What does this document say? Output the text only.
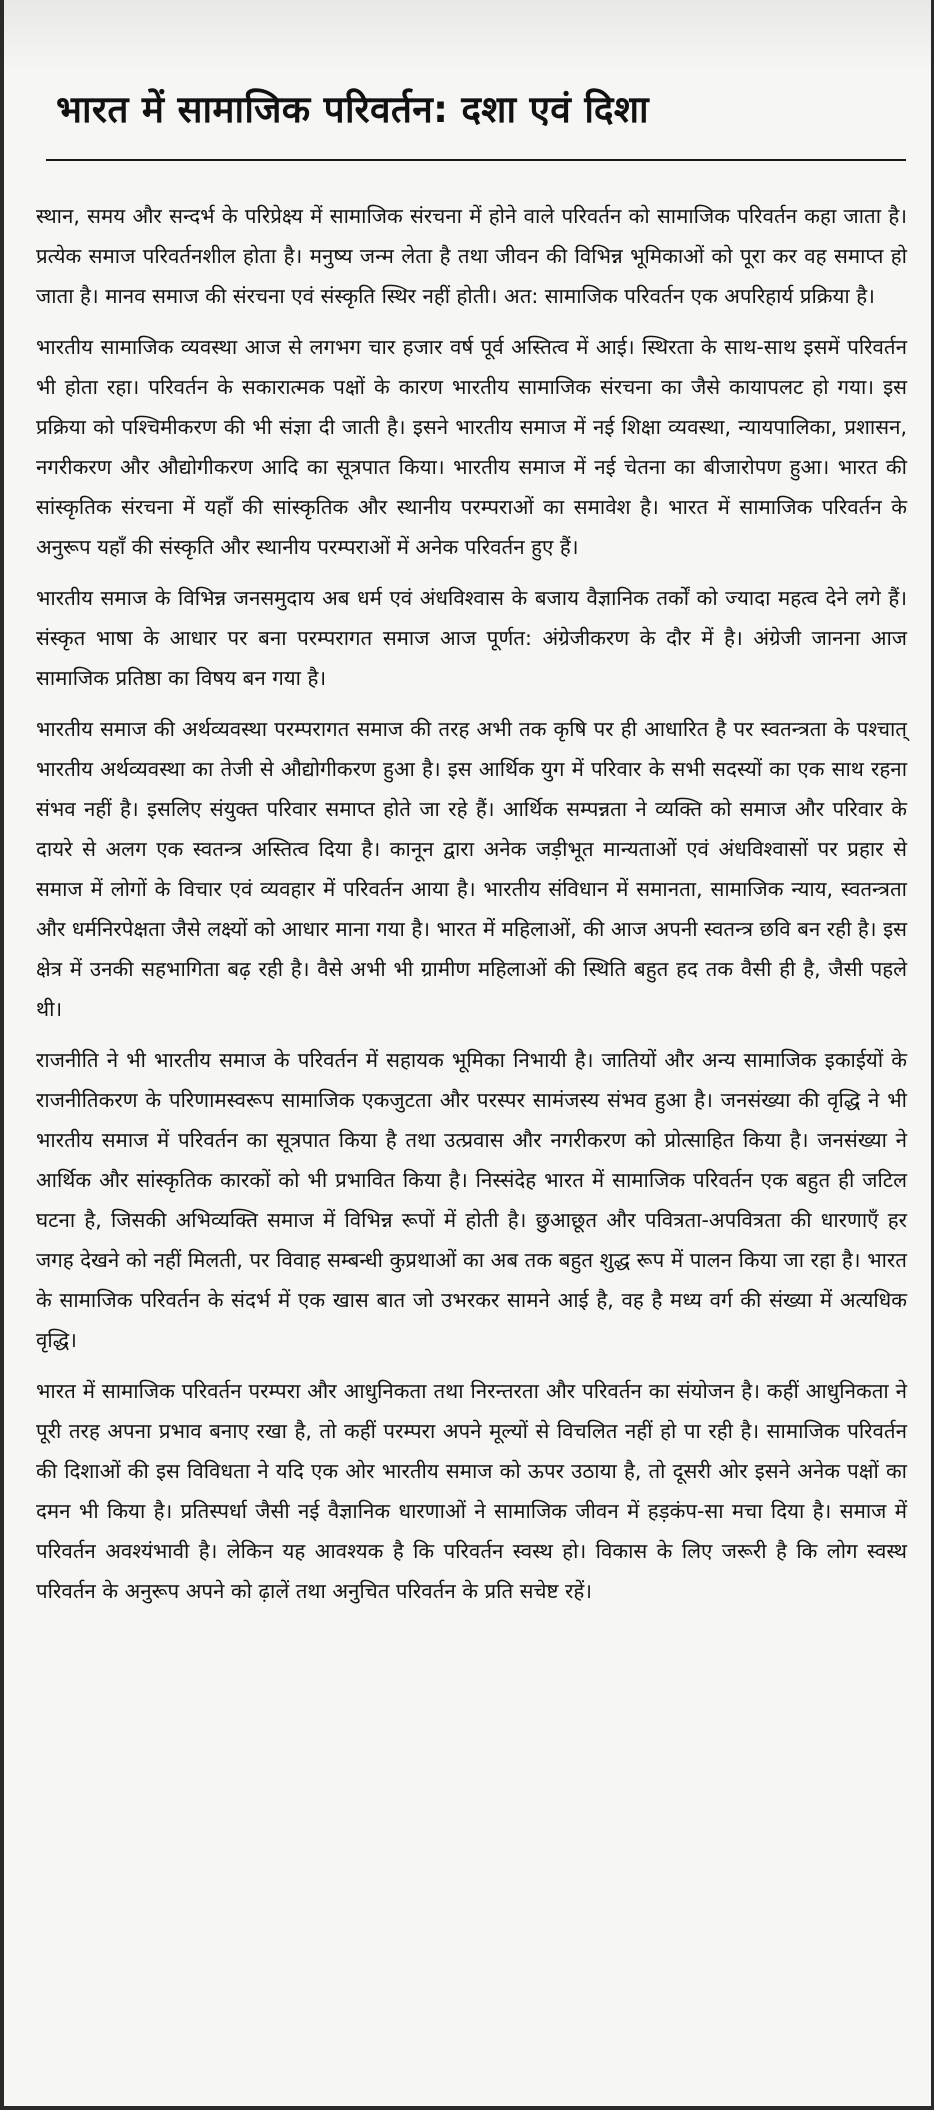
भारत में सामाजिक परिवर्तन: दशा एवं दिशा

स्थान, समय और सन्दर्भ के परिप्रेक्ष्य में सामाजिक संरचना में होने वाले परिवर्तन को सामाजिक परिवर्तन कहा जाता है। प्रत्येक समाज परिवर्तनशील होता है। मनुष्य जन्म लेता है तथा जीवन की विभिन्न भूमिकाओं को पूरा कर वह समाप्त हो जाता है। मानव समाज की संरचना एवं संस्कृति स्थिर नहीं होती। अत: सामाजिक परिवर्तन एक अपरिहार्य प्रक्रिया है।

भारतीय सामाजिक व्यवस्था आज से लगभग चार हजार वर्ष पूर्व अस्तित्व में आई। स्थिरता के साथ-साथ इसमें परिवर्तन भी होता रहा। परिवर्तन के सकारात्मक पक्षों के कारण भारतीय सामाजिक संरचना का जैसे कायापलट हो गया। इस प्रक्रिया को पश्चिमीकरण की भी संज्ञा दी जाती है। इसने भारतीय समाज में नई शिक्षा व्यवस्था, न्यायपालिका, प्रशासन, नगरीकरण और औद्योगीकरण आदि का सूत्रपात किया। भारतीय समाज में नई चेतना का बीजारोपण हुआ। भारत की सांस्कृतिक संरचना में यहाँ की सांस्कृतिक और स्थानीय परम्पराओं का समावेश है। भारत में सामाजिक परिवर्तन के अनुरूप यहाँ की संस्कृति और स्थानीय परम्पराओं में अनेक परिवर्तन हुए हैं।

भारतीय समाज के विभिन्न जनसमुदाय अब धर्म एवं अंधविश्वास के बजाय वैज्ञानिक तर्कों को ज्यादा महत्व देने लगे हैं। संस्कृत भाषा के आधार पर बना परम्परागत समाज आज पूर्णत: अंग्रेजीकरण के दौर में है। अंग्रेजी जानना आज सामाजिक प्रतिष्ठा का विषय बन गया है।

भारतीय समाज की अर्थव्यवस्था परम्परागत समाज की तरह अभी तक कृषि पर ही आधारित है पर स्वतन्त्रता के पश्चात् भारतीय अर्थव्यवस्था का तेजी से औद्योगीकरण हुआ है। इस आर्थिक युग में परिवार के सभी सदस्यों का एक साथ रहना संभव नहीं है। इसलिए संयुक्त परिवार समाप्त होते जा रहे हैं। आर्थिक सम्पन्नता ने व्यक्ति को समाज और परिवार के दायरे से अलग एक स्वतन्त्र अस्तित्व दिया है। कानून द्वारा अनेक जड़ीभूत मान्यताओं एवं अंधविश्वासों पर प्रहार से समाज में लोगों के विचार एवं व्यवहार में परिवर्तन आया है। भारतीय संविधान में समानता, सामाजिक न्याय, स्वतन्त्रता और धर्मनिरपेक्षता जैसे लक्ष्यों को आधार माना गया है। भारत में महिलाओं, की आज अपनी स्वतन्त्र छवि बन रही है। इस क्षेत्र में उनकी सहभागिता बढ़ रही है। वैसे अभी भी ग्रामीण महिलाओं की स्थिति बहुत हद तक वैसी ही है, जैसी पहले थी।

राजनीति ने भी भारतीय समाज के परिवर्तन में सहायक भूमिका निभायी है। जातियों और अन्य सामाजिक इकाईयों के राजनीतिकरण के परिणामस्वरूप सामाजिक एकजुटता और परस्पर सामंजस्य संभव हुआ है। जनसंख्या की वृद्धि ने भी भारतीय समाज में परिवर्तन का सूत्रपात किया है तथा उत्प्रवास और नगरीकरण को प्रोत्साहित किया है। जनसंख्या ने आर्थिक और सांस्कृतिक कारकों को भी प्रभावित किया है। निस्संदेह भारत में सामाजिक परिवर्तन एक बहुत ही जटिल घटना है, जिसकी अभिव्यक्ति समाज में विभिन्न रूपों में होती है। छुआछूत और पवित्रता-अपवित्रता की धारणाएँ हर जगह देखने को नहीं मिलती, पर विवाह सम्बन्धी कुप्रथाओं का अब तक बहुत शुद्ध रूप में पालन किया जा रहा है। भारत के सामाजिक परिवर्तन के संदर्भ में एक खास बात जो उभरकर सामने आई है, वह है मध्य वर्ग की संख्या में अत्यधिक वृद्धि।

भारत में सामाजिक परिवर्तन परम्परा और आधुनिकता तथा निरन्तरता और परिवर्तन का संयोजन है। कहीं आधुनिकता ने पूरी तरह अपना प्रभाव बनाए रखा है, तो कहीं परम्परा अपने मूल्यों से विचलित नहीं हो पा रही है। सामाजिक परिवर्तन की दिशाओं की इस विविधता ने यदि एक ओर भारतीय समाज को ऊपर उठाया है, तो दूसरी ओर इसने अनेक पक्षों का दमन भी किया है। प्रतिस्पर्धा जैसी नई वैज्ञानिक धारणाओं ने सामाजिक जीवन में हड़कंप-सा मचा दिया है। समाज में परिवर्तन अवश्यंभावी है। लेकिन यह आवश्यक है कि परिवर्तन स्वस्थ हो। विकास के लिए जरूरी है कि लोग स्वस्थ परिवर्तन के अनुरूप अपने को ढ़ालें तथा अनुचित परिवर्तन के प्रति सचेष्ट रहें।
